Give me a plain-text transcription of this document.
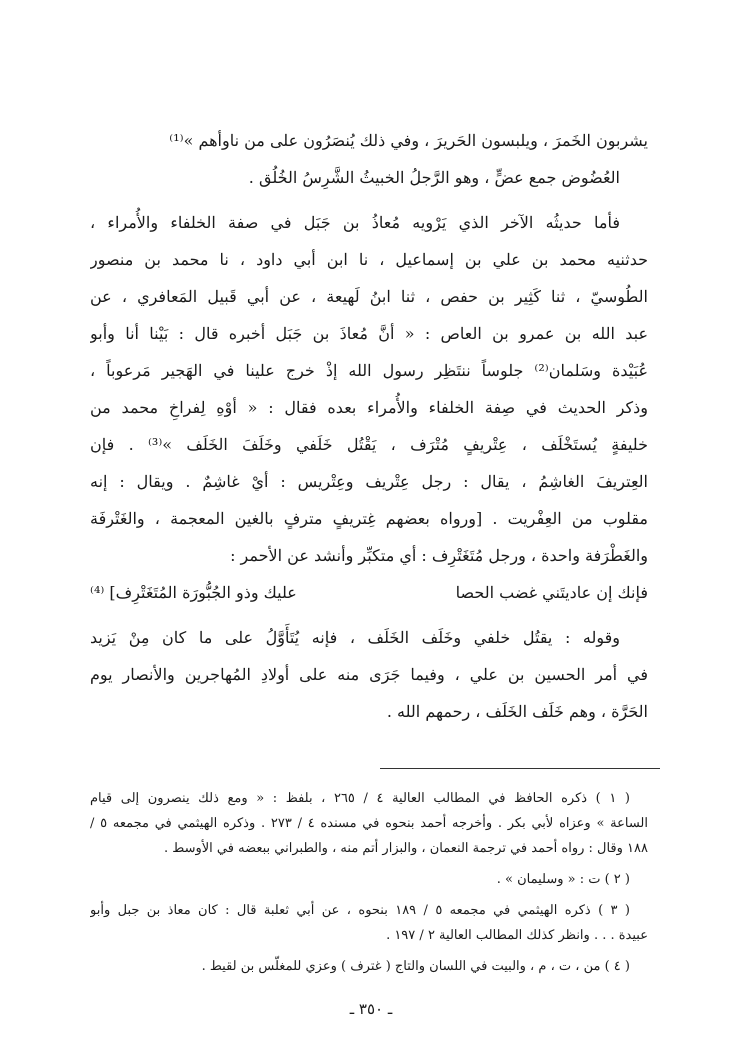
يشربون الخَمرَ ، ويلبسون الحَريرَ ، وفي ذلك يُنصَرُون على من ناوأهم »⁽¹⁾
العُضُوض جمع عضٍّ ، وهو الرَّجلُ الخبيثُ الشَّرِسُ الخُلُق .
فأما حديثُه الآخر الذي يَرْويه مُعاذُ بن جَبَل في صفة الخلفاء والأُمراء ،
حدثنيه محمد بن علي بن إسماعيل ، نا ابن أبي داود ، نا محمد بن منصور
الطُوسيّ ، ثنا كَثِير بن حفص ، ثنا ابنُ لَهيعة ، عن أبي قَبيل المَعافري ، عن
عبد الله بن عمرو بن العاص : « أنَّ مُعاذَ بن جَبَل أخبره قال : بَيْنا أنا وأبو
عُبَيْدة وسَلمان⁽²⁾ جلوساً ننتَظِر رسول الله إذْ خرج علينا في الهَجير مَرعوباً ،
وذكر الحديث في صِفة الخلفاء والأُمراء بعده فقال : « أوْهِ لِفراخِ محمد من
خليفةٍ يُستَخْلَف ، عِتْريفٍ مُتْرَف ، يَقْتُل خَلَفي وخَلَفَ الخَلَف »⁽³⁾ . فإن
العِتريفَ الغاشِمُ ، يقال : رجل عِتْريف وعِتْريس : أيْ غاشِمٌ . ويقال : إنه
مقلوب من العِفْريت . [ورواه بعضهم غِتريفٍ مترفٍ بالغين المعجمة ، والغَتْرفَة
والغَطْرَفة واحدة ، ورجل مُتَغَتْرِف : أي متكبِّر وأنشد عن الأحمر :
فإنك إن عاديتَني غضب الحصا
عليك وذو الجُبُّورَة المُتَغَتْرِف] ⁽⁴⁾
وقوله : يقتُل خلفي وخَلَف الخَلَف ، فإنه يُتَأَوَّلُ على ما كان مِنْ يَزيد
في أمر الحسين بن علي ، وفيما جَرَى منه على أولادِ المُهاجرين والأنصار يوم
الحَرَّة ، وهم خَلَف الخَلَف ، رحمهم الله .
( ١ ) ذكره الحافظ في المطالب العالية ٤ / ٢٦٥ ، بلفظ : « ومع ذلك ينصرون إلى قيام
الساعة » وعزاه لأبي بكر . وأخرجه أحمد بنحوه في مسنده ٤ / ٢٧٣ . وذكره الهيثمي في مجمعه ٥ /
١٨٨ وقال : رواه أحمد في ترجمة النعمان ، والبزار أتم منه ، والطبراني ببعضه في الأوسط .
( ٢ ) ت : « وسليمان » .
( ٣ ) ذكره الهيثمي في مجمعه ٥ / ١٨٩ بنحوه ، عن أبي ثعلبة قال : كان معاذ بن جبل وأبو
عبيدة . . . وانظر كذلك المطالب العالية ٢ / ١٩٧ .
( ٤ ) من ، ت ، م ، والبيت في اللسان والتاج ( غترف ) وعزي للمغلّس بن لقيط .
ـ ٣٥٠ ـ
